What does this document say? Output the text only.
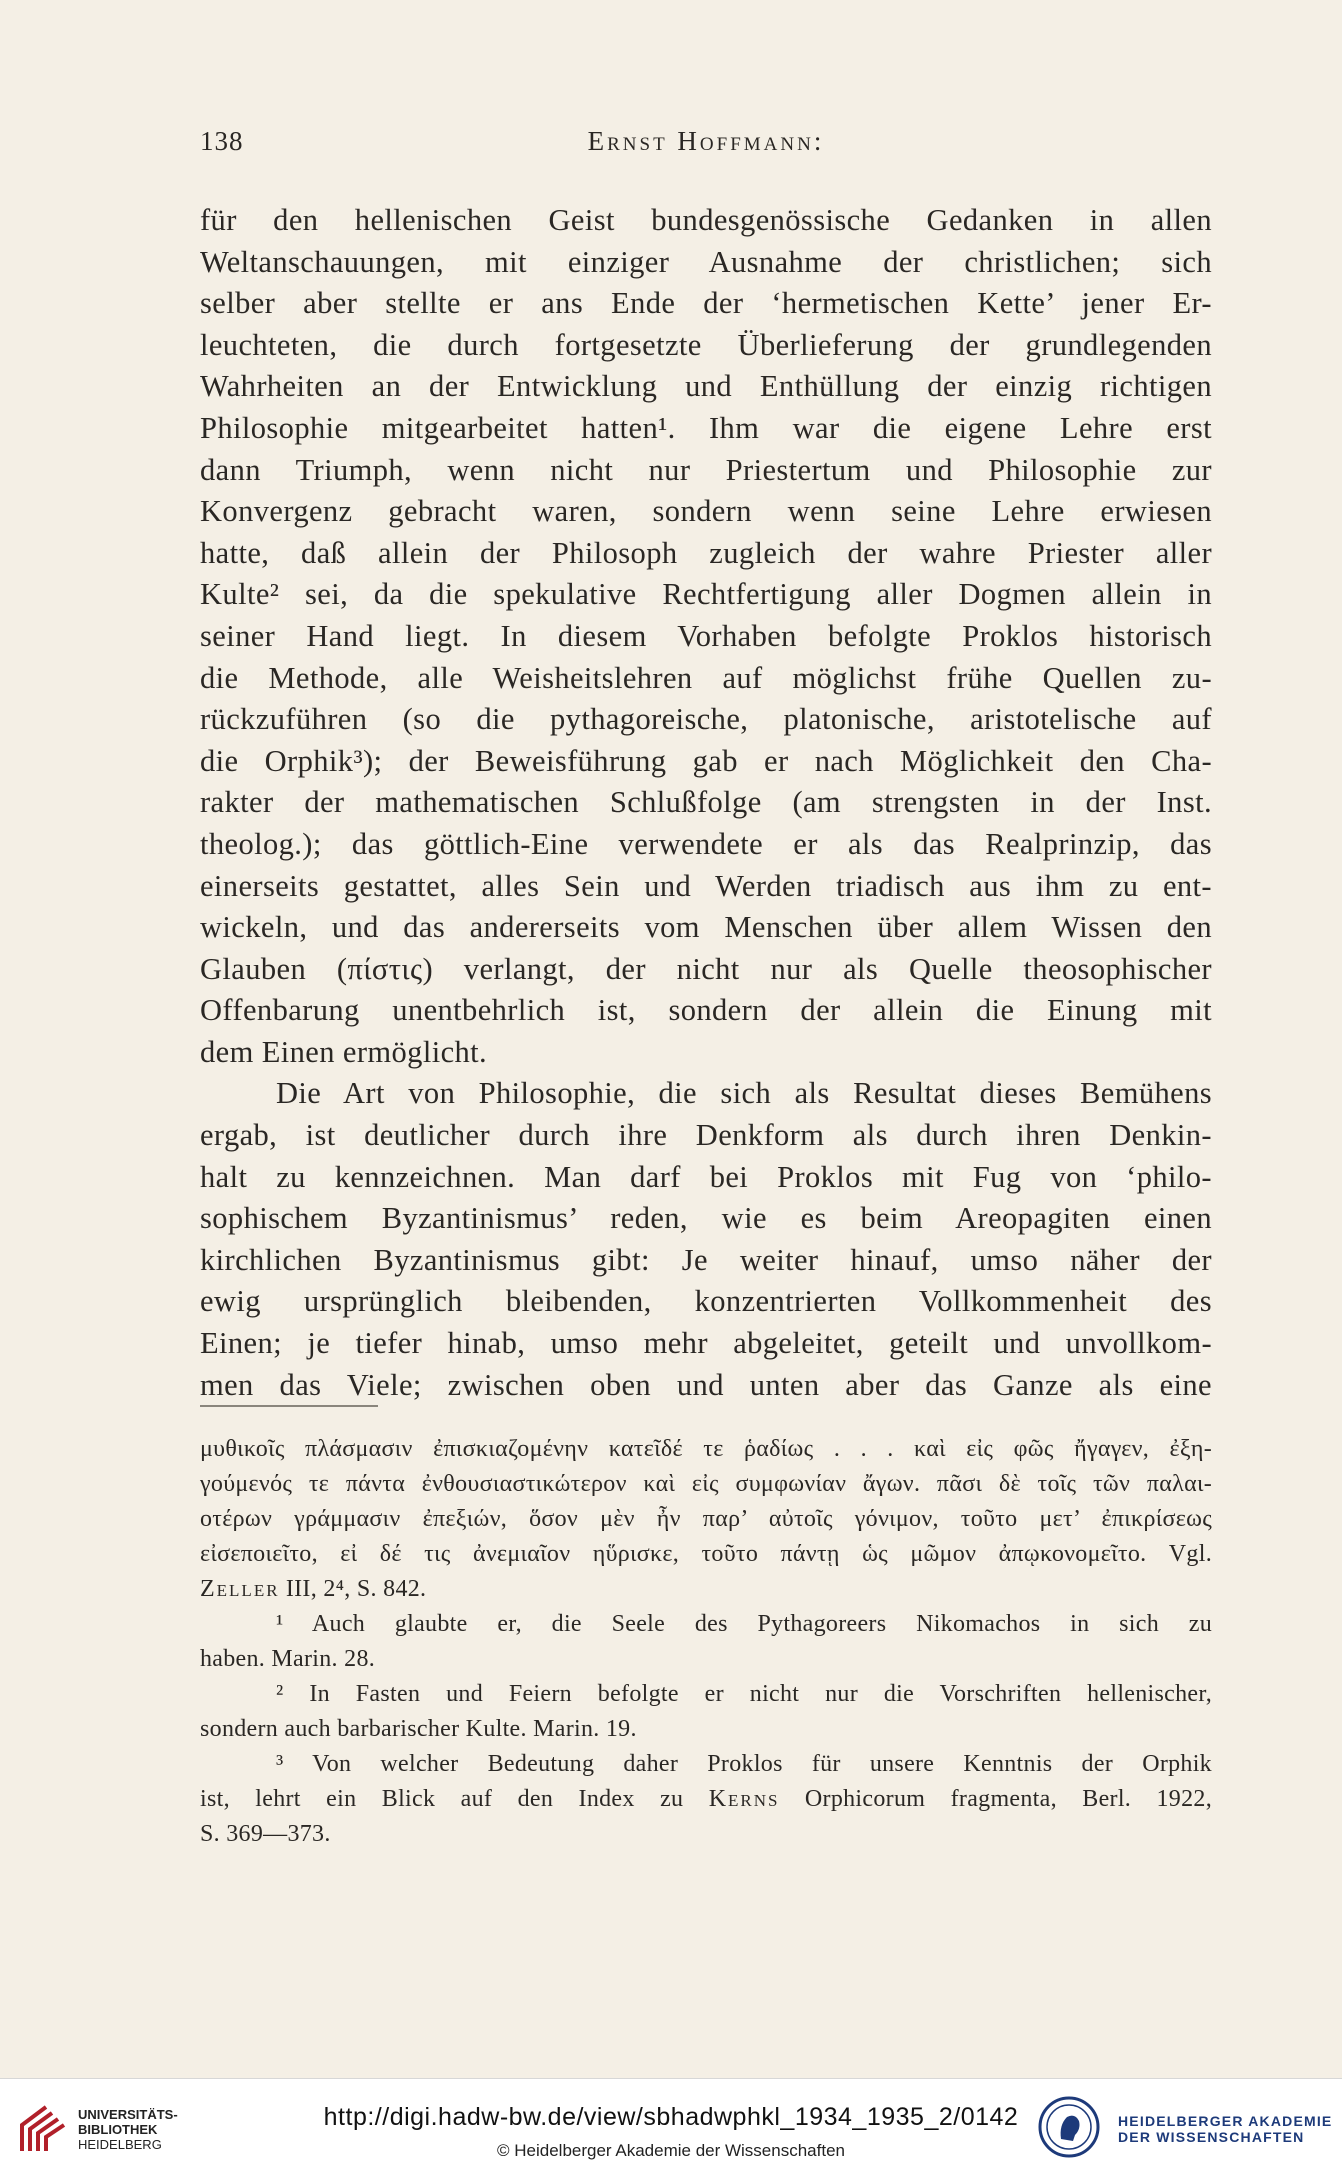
138	Ernst Hoffmann:
für den hellenischen Geist bundesgenössische Gedanken in allen
Weltanschauungen, mit einziger Ausnahme der christlichen; sich
selber aber stellte er ans Ende der ‘hermetischen Kette’ jener Er-
leuchteten, die durch fortgesetzte Überlieferung der grundlegenden
Wahrheiten an der Entwicklung und Enthüllung der einzig richtigen
Philosophie mitgearbeitet hatten¹. Ihm war die eigene Lehre erst
dann Triumph, wenn nicht nur Priestertum und Philosophie zur
Konvergenz gebracht waren, sondern wenn seine Lehre erwiesen
hatte, daß allein der Philosoph zugleich der wahre Priester aller
Kulte² sei, da die spekulative Rechtfertigung aller Dogmen allein in
seiner Hand liegt. In diesem Vorhaben befolgte Proklos historisch
die Methode, alle Weisheitslehren auf möglichst frühe Quellen zu-
rückzuführen (so die pythagoreische, platonische, aristotelische auf
die Orphik³); der Beweisführung gab er nach Möglichkeit den Cha-
rakter der mathematischen Schlußfolge (am strengsten in der Inst.
theolog.); das göttlich-Eine verwendete er als das Realprinzip, das
einerseits gestattet, alles Sein und Werden triadisch aus ihm zu ent-
wickeln, und das andererseits vom Menschen über allem Wissen den
Glauben (πίστις) verlangt, der nicht nur als Quelle theosophischer
Offenbarung unentbehrlich ist, sondern der allein die Einung mit
dem Einen ermöglicht.
Die Art von Philosophie, die sich als Resultat dieses Bemühens
ergab, ist deutlicher durch ihre Denkform als durch ihren Denkin-
halt zu kennzeichnen. Man darf bei Proklos mit Fug von ‘philo-
sophischem Byzantinismus’ reden, wie es beim Areopagiten einen
kirchlichen Byzantinismus gibt: Je weiter hinauf, umso näher der
ewig ursprünglich bleibenden, konzentrierten Vollkommenheit des
Einen; je tiefer hinab, umso mehr abgeleitet, geteilt und unvollkom-
men das Viele; zwischen oben und unten aber das Ganze als eine
μυθικοῖς πλάσμασιν ἐπισκιαζομένην κατεῖδέ τε ῥαδίως . . . καὶ εἰς φῶς ἤγαγεν, ἐξη-
γούμενός τε πάντα ἐνθουσιαστικώτερον καὶ εἰς συμφωνίαν ἄγων. πᾶσι δὲ τοῖς τῶν παλαι-
οτέρων γράμμασιν ἐπεξιών, ὅσον μὲν ἦν παρ’ αὐτοῖς γόνιμον, τοῦτο μετ’ ἐπικρίσεως
εἰσεποιεῖτο, εἰ δέ τις ἀνεμιαῖον ηὕρισκε, τοῦτο πάντῃ ὡς μῶμον ἀπῳκονομεῖτο. Vgl.
Zeller III, 2⁴, S. 842.
¹ Auch glaubte er, die Seele des Pythagoreers Nikomachos in sich zu
haben. Marin. 28.
² In Fasten und Feiern befolgte er nicht nur die Vorschriften hellenischer,
sondern auch barbarischer Kulte. Marin. 19.
³ Von welcher Bedeutung daher Proklos für unsere Kenntnis der Orphik
ist, lehrt ein Blick auf den Index zu Kerns Orphicorum fragmenta, Berl. 1922,
S. 369—373.
UNIVERSITÄTS-
BIBLIOTHEK
HEIDELBERG
http://digi.hadw-bw.de/view/sbhadwphkl_1934_1935_2/0142
© Heidelberger Akademie der Wissenschaften
HEIDELBERGER AKADEMIE
DER WISSENSCHAFTEN
